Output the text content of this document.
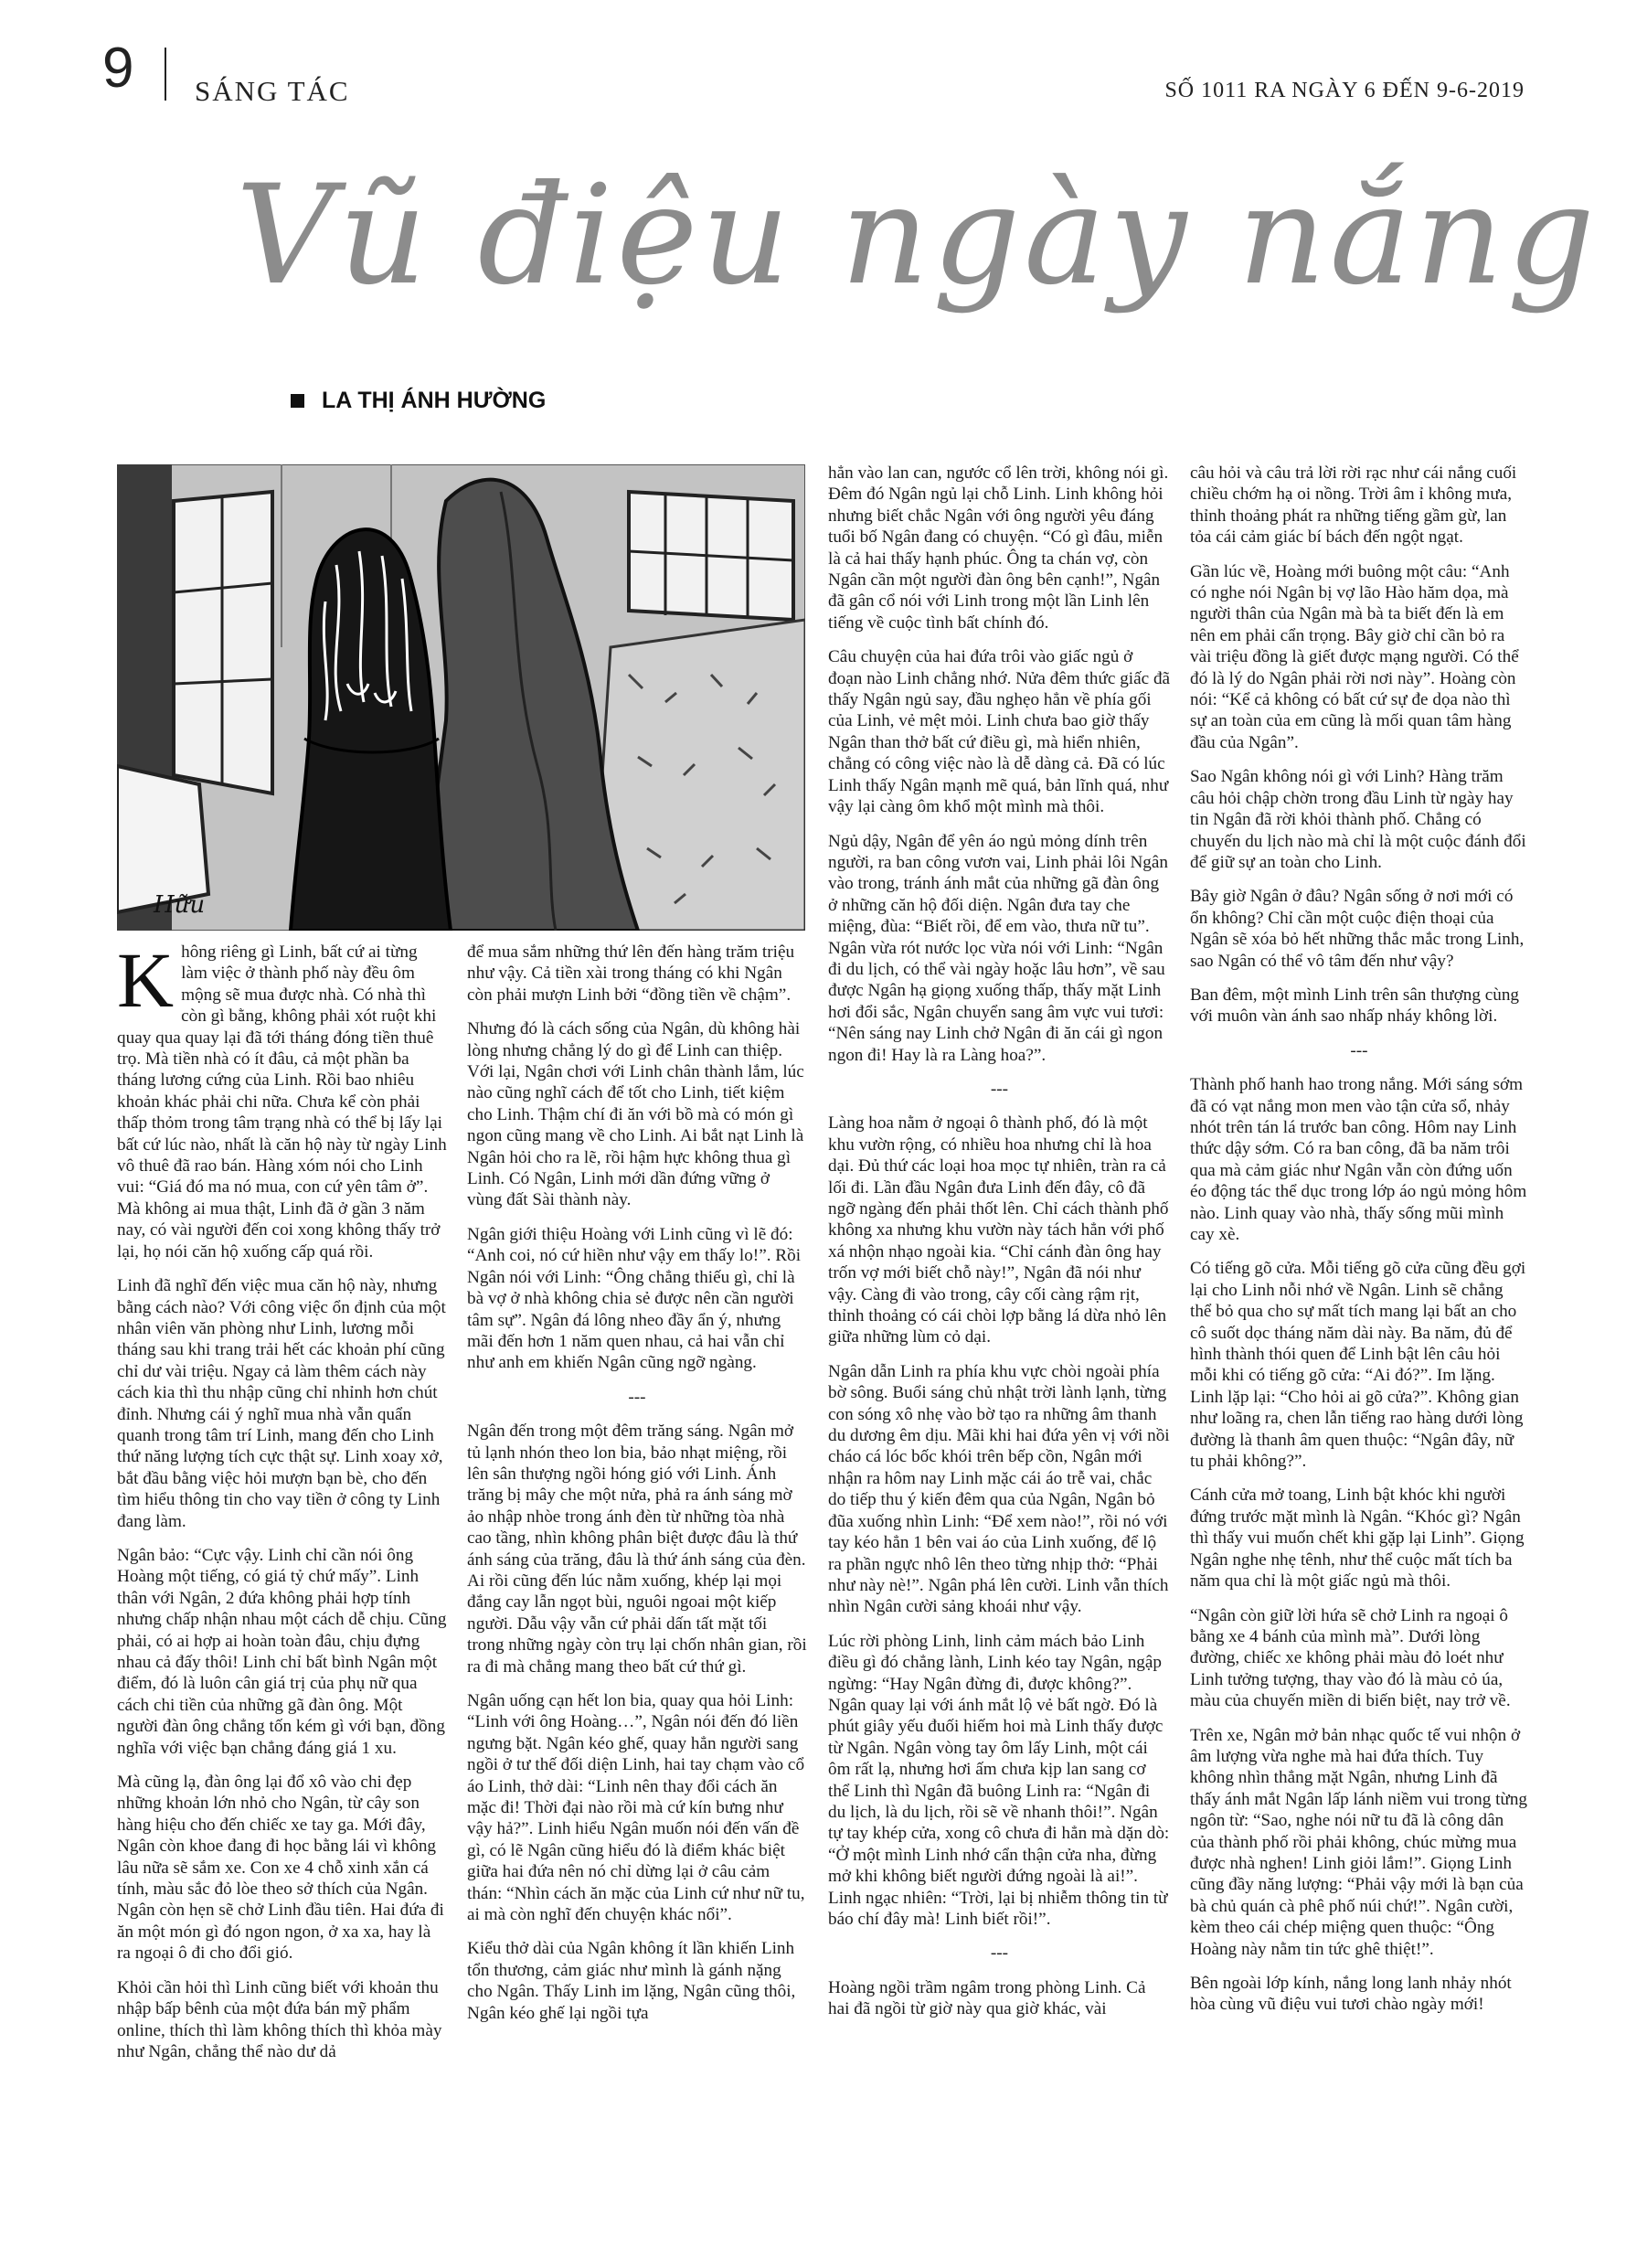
9 SÁNG TÁC	SỐ 1011 RA NGÀY 6 ĐẾN 9-6-2019
Vũ điệu ngày nắng
LA THỊ ÁNH HƯỜNG
Hữu

Không riêng gì Linh, bất cứ ai từng làm việc ở thành phố này đều ôm mộng sẽ mua được nhà. Có nhà thì còn gì bằng, không phải xót ruột khi quay qua quay lại đã tới tháng đóng tiền thuê trọ. Mà tiền nhà có ít đâu, cả một phần ba tháng lương cứng của Linh. Rồi bao nhiêu khoản khác phải chi nữa. Chưa kể còn phải thấp thỏm trong tâm trạng nhà có thể bị lấy lại bất cứ lúc nào, nhất là căn hộ này từ ngày Linh vô thuê đã rao bán. Hàng xóm nói cho Linh vui: “Giá đó ma nó mua, con cứ yên tâm ở”. Mà không ai mua thật, Linh đã ở gần 3 năm nay, có vài người đến coi xong không thấy trở lại, họ nói căn hộ xuống cấp quá rồi.

Linh đã nghĩ đến việc mua căn hộ này, nhưng bằng cách nào? Với công việc ổn định của một nhân viên văn phòng như Linh, lương mỗi tháng sau khi trang trải hết các khoản phí cũng chỉ dư vài triệu. Ngay cả làm thêm cách này cách kia thì thu nhập cũng chỉ nhỉnh hơn chút đỉnh. Nhưng cái ý nghĩ mua nhà vẫn quẩn quanh trong tâm trí Linh, mang đến cho Linh thứ năng lượng tích cực thật sự. Linh xoay xở, bắt đầu bằng việc hỏi mượn bạn bè, cho đến tìm hiểu thông tin cho vay tiền ở công ty Linh đang làm.

Ngân bảo: “Cực vậy. Linh chỉ cần nói ông Hoàng một tiếng, có giá tỷ chứ mấy”. Linh thân với Ngân, 2 đứa không phải hợp tính nhưng chấp nhận nhau một cách dễ chịu. Cũng phải, có ai hợp ai hoàn toàn đâu, chịu đựng nhau cả đấy thôi! Linh chỉ bất bình Ngân một điểm, đó là luôn cân giá trị của phụ nữ qua cách chi tiền của những gã đàn ông. Một người đàn ông chẳng tốn kém gì với bạn, đồng nghĩa với việc bạn chẳng đáng giá 1 xu.

Mà cũng lạ, đàn ông lại đổ xô vào chi đẹp những khoản lớn nhỏ cho Ngân, từ cây son hàng hiệu cho đến chiếc xe tay ga. Mới đây, Ngân còn khoe đang đi học bằng lái vì không lâu nữa sẽ sắm xe. Con xe 4 chỗ xinh xắn cá tính, màu sắc đỏ lòe theo sở thích của Ngân. Ngân còn hẹn sẽ chở Linh đầu tiên. Hai đứa đi ăn một món gì đó ngon ngon, ở xa xa, hay là ra ngoại ô đi cho đổi gió.

Khỏi cần hỏi thì Linh cũng biết với khoản thu nhập bấp bênh của một đứa bán mỹ phẩm online, thích thì làm không thích thì khỏa mày như Ngân, chẳng thể nào dư dả

để mua sắm những thứ lên đến hàng trăm triệu như vậy. Cả tiền xài trong tháng có khi Ngân còn phải mượn Linh bởi “đồng tiền về chậm”.

Nhưng đó là cách sống của Ngân, dù không hài lòng nhưng chẳng lý do gì để Linh can thiệp. Với lại, Ngân chơi với Linh chân thành lắm, lúc nào cũng nghĩ cách để tốt cho Linh, tiết kiệm cho Linh. Thậm chí đi ăn với bồ mà có món gì ngon cũng mang về cho Linh. Ai bắt nạt Linh là Ngân hỏi cho ra lẽ, rồi hậm hực không thua gì Linh. Có Ngân, Linh mới dần đứng vững ở vùng đất Sài thành này.

Ngân giới thiệu Hoàng với Linh cũng vì lẽ đó: “Anh coi, nó cứ hiền như vậy em thấy lo!”. Rồi Ngân nói với Linh: “Ông chẳng thiếu gì, chỉ là bà vợ ở nhà không chia sẻ được nên cần người tâm sự”. Ngân đá lông nheo đầy ẩn ý, nhưng mãi đến hơn 1 năm quen nhau, cả hai vẫn chỉ như anh em khiến Ngân cũng ngỡ ngàng.

---

Ngân đến trong một đêm trăng sáng. Ngân mở tủ lạnh nhón theo lon bia, bảo nhạt miệng, rồi lên sân thượng ngồi hóng gió với Linh. Ánh trăng bị mây che một nửa, phả ra ánh sáng mờ ảo nhập nhòe trong ánh đèn từ những tòa nhà cao tầng, nhìn không phân biệt được đâu là thứ ánh sáng của trăng, đâu là thứ ánh sáng của đèn. Ai rồi cũng đến lúc nằm xuống, khép lại mọi đắng cay lẫn ngọt bùi, nguôi ngoai một kiếp người. Dẫu vậy vẫn cứ phải dấn tất mặt tối trong những ngày còn trụ lại chốn nhân gian, rồi ra đi mà chẳng mang theo bất cứ thứ gì.

Ngân uống cạn hết lon bia, quay qua hỏi Linh: “Linh với ông Hoàng…”, Ngân nói đến đó liền ngưng bặt. Ngân kéo ghế, quay hẳn người sang ngồi ở tư thế đối diện Linh, hai tay chạm vào cổ áo Linh, thở dài: “Linh nên thay đổi cách ăn mặc đi! Thời đại nào rồi mà cứ kín bưng như vậy hả?”. Linh hiểu Ngân muốn nói đến vấn đề gì, có lẽ Ngân cũng hiểu đó là điểm khác biệt giữa hai đứa nên nó chỉ dừng lại ở câu cảm thán: “Nhìn cách ăn mặc của Linh cứ như nữ tu, ai mà còn nghĩ đến chuyện khác nổi”.

Kiểu thở dài của Ngân không ít lần khiến Linh tổn thương, cảm giác như mình là gánh nặng cho Ngân. Thấy Linh im lặng, Ngân cũng thôi, Ngân kéo ghế lại ngồi tựa

hẳn vào lan can, ngước cổ lên trời, không nói gì. Đêm đó Ngân ngủ lại chỗ Linh. Linh không hỏi nhưng biết chắc Ngân với ông người yêu đáng tuổi bố Ngân đang có chuyện. “Có gì đâu, miễn là cả hai thấy hạnh phúc. Ông ta chán vợ, còn Ngân cần một người đàn ông bên cạnh!”, Ngân đã gân cổ nói với Linh trong một lần Linh lên tiếng về cuộc tình bất chính đó.

Câu chuyện của hai đứa trôi vào giấc ngủ ở đoạn nào Linh chẳng nhớ. Nửa đêm thức giấc đã thấy Ngân ngủ say, đầu nghẹo hẳn về phía gối của Linh, vẻ mệt mỏi. Linh chưa bao giờ thấy Ngân than thở bất cứ điều gì, mà hiển nhiên, chẳng có công việc nào là dễ dàng cả. Đã có lúc Linh thấy Ngân mạnh mẽ quá, bản lĩnh quá, như vậy lại càng ôm khổ một mình mà thôi.

Ngủ dậy, Ngân để yên áo ngủ mỏng dính trên người, ra ban công vươn vai, Linh phải lôi Ngân vào trong, tránh ánh mắt của những gã đàn ông ở những căn hộ đối diện. Ngân đưa tay che miệng, đùa: “Biết rồi, để em vào, thưa nữ tu”. Ngân vừa rót nước lọc vừa nói với Linh: “Ngân đi du lịch, có thể vài ngày hoặc lâu hơn”, về sau được Ngân hạ giọng xuống thấp, thấy mặt Linh hơi đổi sắc, Ngân chuyển sang âm vực vui tươi: “Nên sáng nay Linh chở Ngân đi ăn cái gì ngon ngon đi! Hay là ra Làng hoa?”.

---

Làng hoa nằm ở ngoại ô thành phố, đó là một khu vườn rộng, có nhiều hoa nhưng chỉ là hoa dại. Đủ thứ các loại hoa mọc tự nhiên, tràn ra cả lối đi. Lần đầu Ngân đưa Linh đến đây, cô đã ngỡ ngàng đến phải thốt lên. Chỉ cách thành phố không xa nhưng khu vườn này tách hẳn với phố xá nhộn nhạo ngoài kia. “Chỉ cánh đàn ông hay trốn vợ mới biết chỗ này!”, Ngân đã nói như vậy. Càng đi vào trong, cây cối càng rậm rịt, thỉnh thoảng có cái chòi lợp bằng lá dừa nhỏ lên giữa những lùm cỏ dại.

Ngân dẫn Linh ra phía khu vực chòi ngoài phía bờ sông. Buổi sáng chủ nhật trời lành lạnh, từng con sóng xô nhẹ vào bờ tạo ra những âm thanh du dương êm dịu. Mãi khi hai đứa yên vị với nồi cháo cá lóc bốc khói trên bếp cồn, Ngân mới nhận ra hôm nay Linh mặc cái áo trễ vai, chắc do tiếp thu ý kiến đêm qua của Ngân, Ngân bỏ đũa xuống nhìn Linh: “Để xem nào!”, rồi nó với tay kéo hẳn 1 bên vai áo của Linh xuống, để lộ ra phần ngực nhô lên theo từng nhịp thở: “Phải như này nè!”. Ngân phá lên cười. Linh vẫn thích nhìn Ngân cười sảng khoái như vậy.

Lúc rời phòng Linh, linh cảm mách bảo Linh điều gì đó chẳng lành, Linh kéo tay Ngân, ngập ngừng: “Hay Ngân đừng đi, được không?”. Ngân quay lại với ánh mắt lộ vẻ bất ngờ. Đó là phút giây yếu đuối hiếm hoi mà Linh thấy được từ Ngân. Ngân vòng tay ôm lấy Linh, một cái ôm rất lạ, nhưng hơi ấm chưa kịp lan sang cơ thể Linh thì Ngân đã buông Linh ra: “Ngân đi du lịch, là du lịch, rồi sẽ về nhanh thôi!”. Ngân tự tay khép cửa, xong cô chưa đi hẳn mà dặn dò: “Ở một mình Linh nhớ cẩn thận cửa nha, đừng mở khi không biết người đứng ngoài là ai!”. Linh ngạc nhiên: “Trời, lại bị nhiễm thông tin từ báo chí đây mà! Linh biết rồi!”.

---

Hoàng ngồi trầm ngâm trong phòng Linh. Cả hai đã ngồi từ giờ này qua giờ khác, vài

câu hỏi và câu trả lời rời rạc như cái nắng cuối chiều chớm hạ oi nồng. Trời âm ỉ không mưa, thỉnh thoảng phát ra những tiếng gầm gừ, lan tỏa cái cảm giác bí bách đến ngột ngạt.

Gần lúc về, Hoàng mới buông một câu: “Anh có nghe nói Ngân bị vợ lão Hào hăm dọa, mà người thân của Ngân mà bà ta biết đến là em nên em phải cẩn trọng. Bây giờ chỉ cần bỏ ra vài triệu đồng là giết được mạng người. Có thể đó là lý do Ngân phải rời nơi này”. Hoàng còn nói: “Kể cả không có bất cứ sự đe dọa nào thì sự an toàn của em cũng là mối quan tâm hàng đầu của Ngân”.

Sao Ngân không nói gì với Linh? Hàng trăm câu hỏi chập chờn trong đầu Linh từ ngày hay tin Ngân đã rời khỏi thành phố. Chẳng có chuyến du lịch nào mà chỉ là một cuộc đánh đổi để giữ sự an toàn cho Linh.

Bây giờ Ngân ở đâu? Ngân sống ở nơi mới có ổn không? Chỉ cần một cuộc điện thoại của Ngân sẽ xóa bỏ hết những thắc mắc trong Linh, sao Ngân có thể vô tâm đến như vậy?

Ban đêm, một mình Linh trên sân thượng cùng với muôn vàn ánh sao nhấp nháy không lời.

---

Thành phố hanh hao trong nắng. Mới sáng sớm đã có vạt nắng mon men vào tận cửa sổ, nhảy nhót trên tán lá trước ban công. Hôm nay Linh thức dậy sớm. Có ra ban công, đã ba năm trôi qua mà cảm giác như Ngân vẫn còn đứng uốn éo động tác thể dục trong lớp áo ngủ mỏng hôm nào. Linh quay vào nhà, thấy sống mũi mình cay xè.

Có tiếng gõ cửa. Mỗi tiếng gõ cửa cũng đều gợi lại cho Linh nỗi nhớ về Ngân. Linh sẽ chẳng thể bỏ qua cho sự mất tích mang lại bất an cho cô suốt dọc tháng năm dài này. Ba năm, đủ để hình thành thói quen để Linh bật lên câu hỏi mỗi khi có tiếng gõ cửa: “Ai đó?”. Im lặng. Linh lặp lại: “Cho hỏi ai gõ cửa?”. Không gian như loãng ra, chen lẫn tiếng rao hàng dưới lòng đường là thanh âm quen thuộc: “Ngân đây, nữ tu phải không?”.

Cánh cửa mở toang, Linh bật khóc khi người đứng trước mặt mình là Ngân. “Khóc gì? Ngân thì thấy vui muốn chết khi gặp lại Linh”. Giọng Ngân nghe nhẹ tênh, như thể cuộc mất tích ba năm qua chỉ là một giấc ngủ mà thôi.

“Ngân còn giữ lời hứa sẽ chở Linh ra ngoại ô bằng xe 4 bánh của mình mà”. Dưới lòng đường, chiếc xe không phải màu đỏ loét như Linh tưởng tượng, thay vào đó là màu cỏ úa, màu của chuyến miền di biến biệt, nay trở về.

Trên xe, Ngân mở bản nhạc quốc tế vui nhộn ở âm lượng vừa nghe mà hai đứa thích. Tuy không nhìn thẳng mặt Ngân, nhưng Linh đã thấy ánh mắt Ngân lấp lánh niềm vui trong từng ngôn từ: “Sao, nghe nói nữ tu đã là công dân của thành phố rồi phải không, chúc mừng mua được nhà nghen! Linh giỏi lắm!”. Giọng Linh cũng đầy năng lượng: “Phải vậy mới là bạn của bà chủ quán cà phê phố núi chứ!”. Ngân cười, kèm theo cái chép miệng quen thuộc: “Ông Hoàng này nằm tin tức ghê thiệt!”.

Bên ngoài lớp kính, nắng long lanh nhảy nhót hòa cùng vũ điệu vui tươi chào ngày mới!
